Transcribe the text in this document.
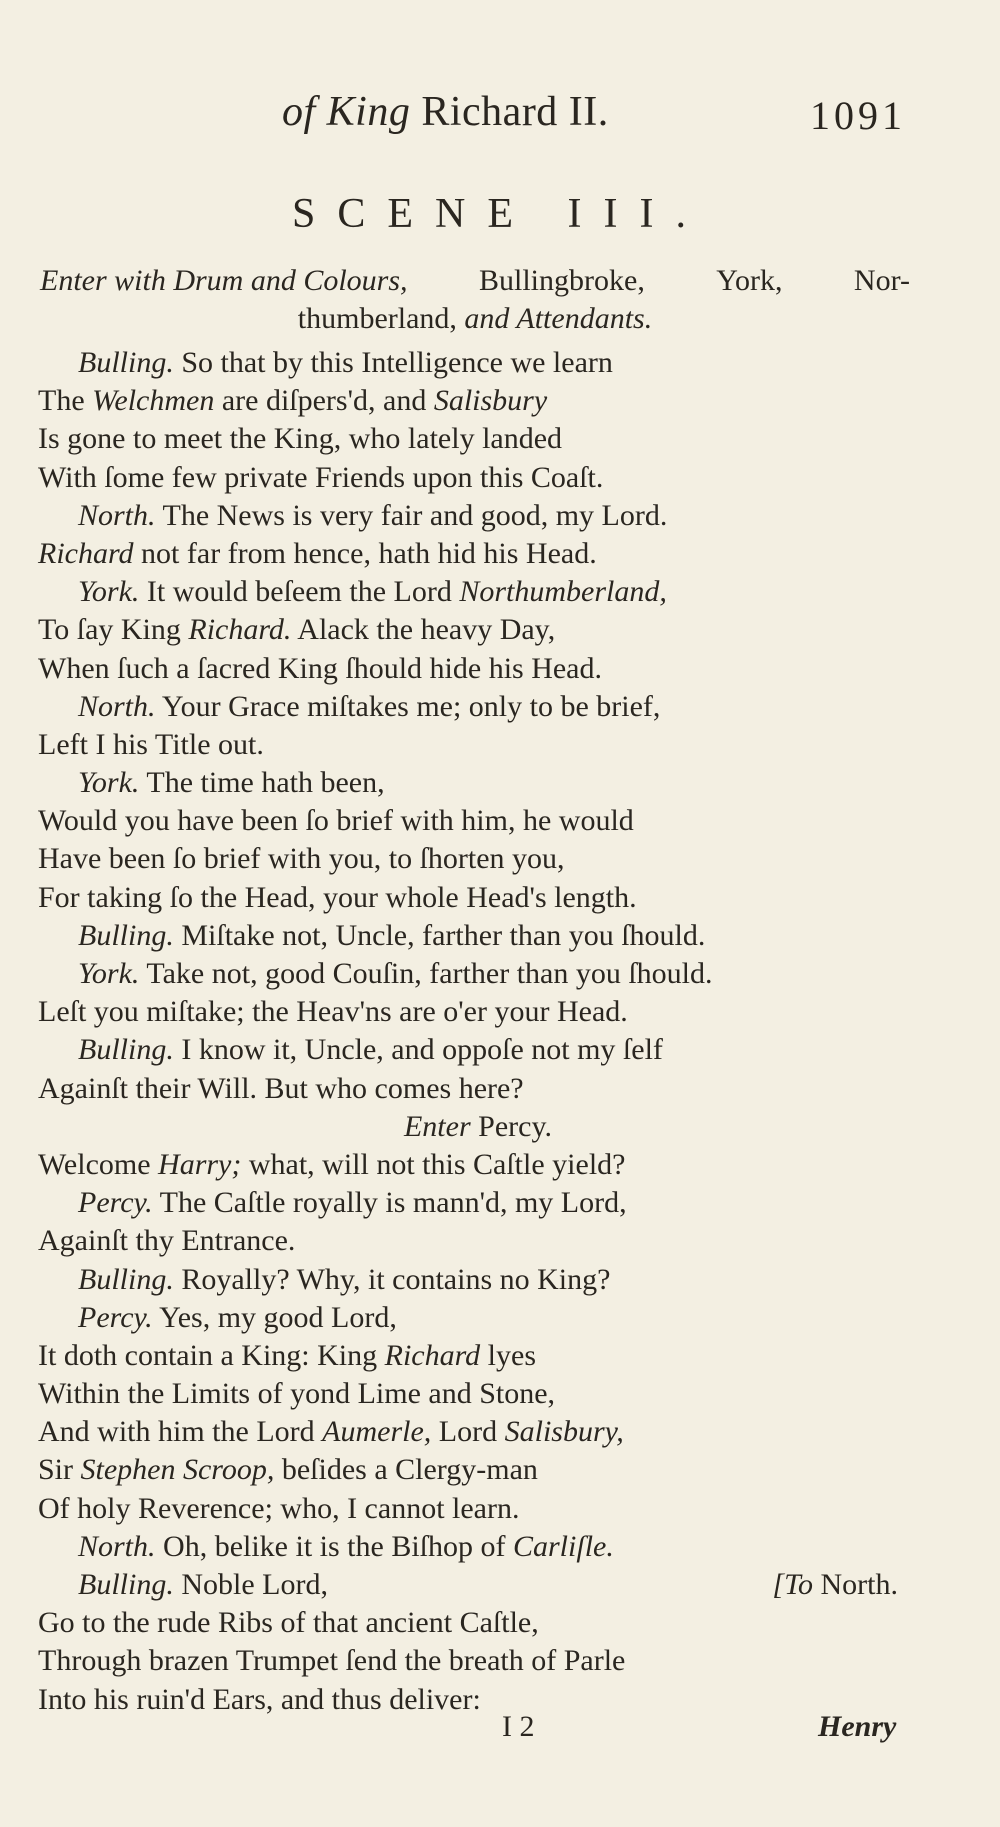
of King Richard II.	1091
SCENE III.
Enter with Drum and Colours, Bullingbroke, York, Nor-
thumberland, and Attendants.
Bulling. So that by this Intelligence we learn
The Welchmen are diſpers'd, and Salisbury
Is gone to meet the King, who lately landed
With ſome few private Friends upon this Coaſt.
North. The News is very fair and good, my Lord.
Richard not far from hence, hath hid his Head.
York. It would beſeem the Lord Northumberland,
To ſay King Richard. Alack the heavy Day,
When ſuch a ſacred King ſhould hide his Head.
North. Your Grace miſtakes me; only to be brief,
Left I his Title out.
York. The time hath been,
Would you have been ſo brief with him, he would
Have been ſo brief with you, to ſhorten you,
For taking ſo the Head, your whole Head's length.
Bulling. Miſtake not, Uncle, farther than you ſhould.
York. Take not, good Couſin, farther than you ſhould.
Leſt you miſtake; the Heav'ns are o'er your Head.
Bulling. I know it, Uncle, and oppoſe not my ſelf
Againſt their Will. But who comes here?
Enter Percy.
Welcome Harry; what, will not this Caſtle yield?
Percy. The Caſtle royally is mann'd, my Lord,
Againſt thy Entrance.
Bulling. Royally? Why, it contains no King?
Percy. Yes, my good Lord,
It doth contain a King: King Richard lyes
Within the Limits of yond Lime and Stone,
And with him the Lord Aumerle, Lord Salisbury,
Sir Stephen Scroop, beſides a Clergy-man
Of holy Reverence; who, I cannot learn.
North. Oh, belike it is the Biſhop of Carliſle.
Bulling. Noble Lord,	[To North.
Go to the rude Ribs of that ancient Caſtle,
Through brazen Trumpet ſend the breath of Parle
Into his ruin'd Ears, and thus deliver:
I 2	Henry
